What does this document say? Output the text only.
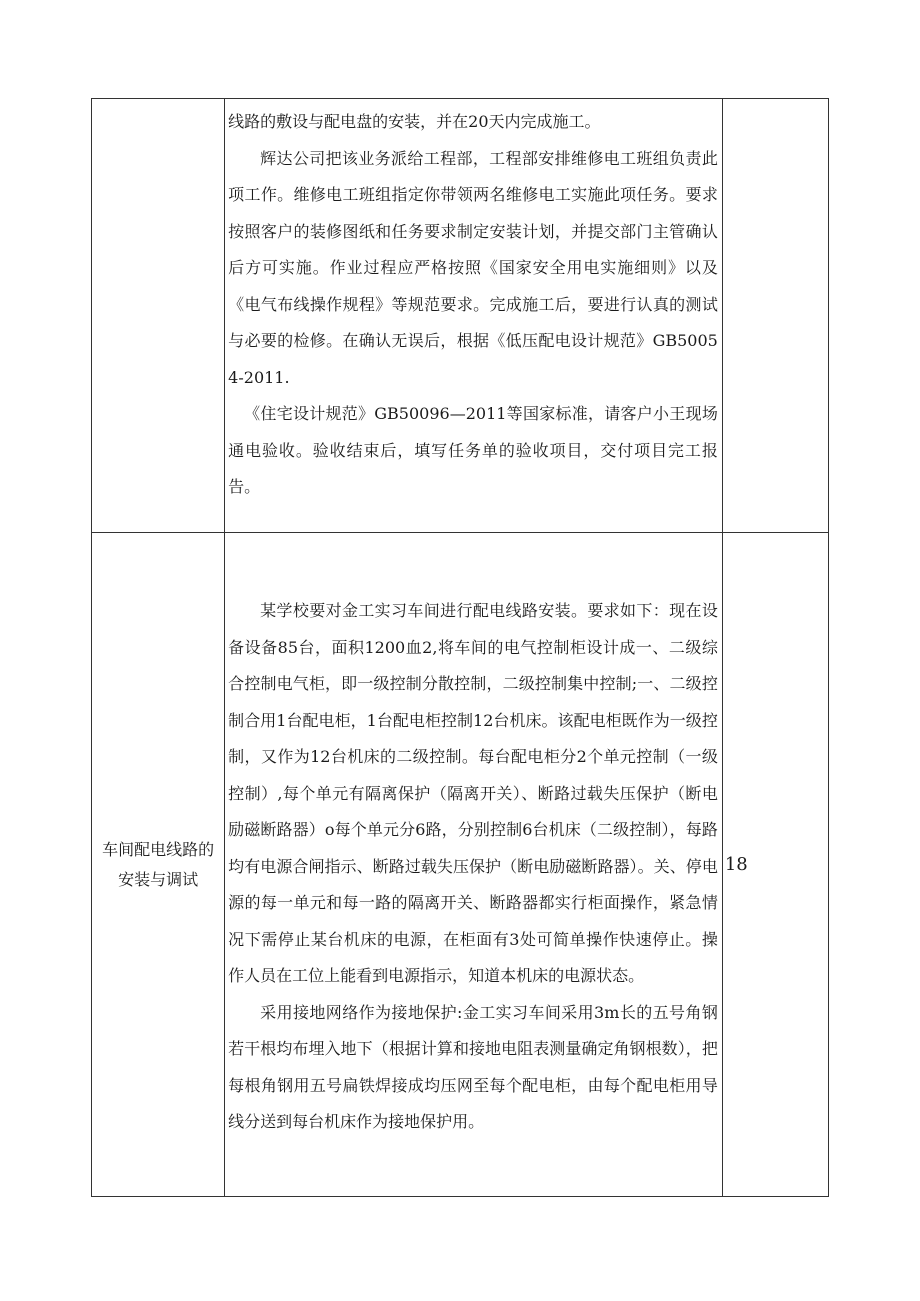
	线路的敷设与配电盘的安装，并在20天内完成施工。

辉达公司把该业务派给工程部，工程部安排维修电工班组负责此项工作。维修电工班组指定你带领两名维修电工实施此项任务。要求按照客户的装修图纸和任务要求制定安装计划，并提交部门主管确认后方可实施。作业过程应严格按照《国家安全用电实施细则》以及《电气布线操作规程》等规范要求。完成施工后，要进行认真的测试与必要的检修。在确认无误后，根据《低压配电设计规范》GB50054-2011.

《住宅设计规范》GB50096—2011等国家标准，请客户小王现场通电验收。验收结束后，填写任务单的验收项目，交付项目完工报告。	

车间配电线路的安装与调试	某学校要对金工实习车间进行配电线路安装。要求如下：现在设备设备85台，面积1200血2,将车间的电气控制柜设计成一、二级综合控制电气柜，即一级控制分散控制，二级控制集中控制;一、二级控制合用1台配电柜，1台配电柜控制12台机床。该配电柜既作为一级控制，又作为12台机床的二级控制。每台配电柜分2个单元控制（一级控制）,每个单元有隔离保护（隔离开关）、断路过载失压保护（断电励磁断路器）o每个单元分6路，分别控制6台机床（二级控制），每路均有电源合闸指示、断路过载失压保护（断电励磁断路器）。关、停电源的每一单元和每一路的隔离开关、断路器都实行柜面操作，紧急情况下需停止某台机床的电源，在柜面有3处可简单操作快速停止。操作人员在工位上能看到电源指示，知道本机床的电源状态。

采用接地网络作为接地保护:金工实习车间采用3m长的五号角钢若干根均布埋入地下（根据计算和接地电阻表测量确定角钢根数），把每根角钢用五号扁铁焊接成均压网至每个配电柜，由每个配电柜用导线分送到每台机床作为接地保护用。	18
